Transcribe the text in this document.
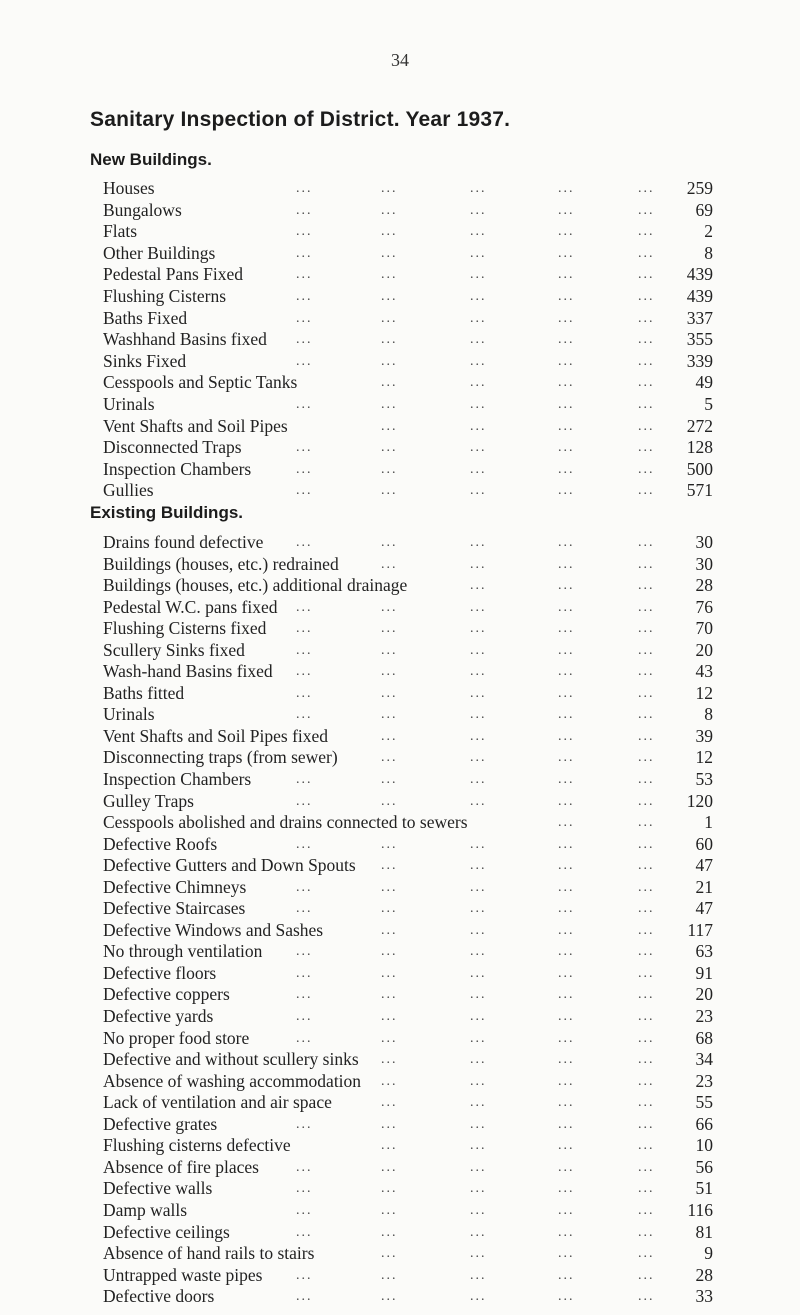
34
Sanitary Inspection of District. Year 1937.
New Buildings.
Houses	...	...	...	...	... 259
Bungalows	...	...	...	...	... 69
Flats	...	...	...	...	...	2
Other Buildings	...	...	...	...	...	8
Pedestal Pans Fixed	...	...	...	...	... 439
Flushing Cisterns	...	...	...	...	... 439
Baths Fixed	...	...	...	...	... 337
Washhand Basins fixed ...	...	...	...	... 355
Sinks Fixed	...	...	...	...	... 339
Cesspools and Septic Tanks	...	...	...	... 49
Urinals	...	...	...	...	...	5
Vent Shafts and Soil Pipes	...	...	...	... 272
Disconnected Traps	...	...	...	...	... 128
Inspection Chambers	...	...	...	...	... 500
Gullies	...	...	...	...	... 571
Existing Buildings.
Drains found defective ...	...	...	...	... 30
Buildings (houses, etc.) redrained	...	...	...	... 30
Buildings (houses, etc.) additional drainage	...	...	... 28
Pedestal W.C. pans fixed ...	...	...	...	... 76
Flushing Cisterns fixed ...	...	...	...	... 70
Scullery Sinks fixed	...	...	...	...	... 20
Wash-hand Basins fixed ...	...	...	...	... 43
Baths fitted	...	...	...	...	... 12
Urinals	...	...	...	...	...	8
Vent Shafts and Soil Pipes fixed	...	...	...	... 39
Disconnecting traps (from sewer)	...	...	...	... 12
Inspection Chambers	...	...	...	...	... 53
Gulley Traps	...	...	...	...	... 120
Cesspools abolished and drains connected to sewers	...	...	1
Defective Roofs	...	...	...	...	... 60
Defective Gutters and Down Spouts ...	...	...	... 47
Defective Chimneys	...	...	...	...	... 21
Defective Staircases	...	...	...	...	... 47
Defective Windows and Sashes	...	...	...	... 117
No through ventilation ...	...	...	...	... 63
Defective floors	...	...	...	...	... 91
Defective coppers	...	...	...	...	... 20
Defective yards	...	...	...	...	... 23
No proper food store	...	...	...	...	... 68
Defective and without scullery sinks ...	...	...	... 34
Absence of washing accommodation ...	...	...	... 23
Lack of ventilation and air space	...	...	...	... 55
Defective grates	...	...	...	...	... 66
Flushing cisterns defective	...	...	...	... 10
Absence of fire places	...	...	...	...	... 56
Defective walls	...	...	...	...	... 51
Damp walls	...	...	...	...	... 116
Defective ceilings	...	...	...	...	... 81
Absence of hand rails to stairs	...	...	...	...	9
Untrapped waste pipes ...	...	...	...	... 28
Defective doors	...	...	...	...	... 33
